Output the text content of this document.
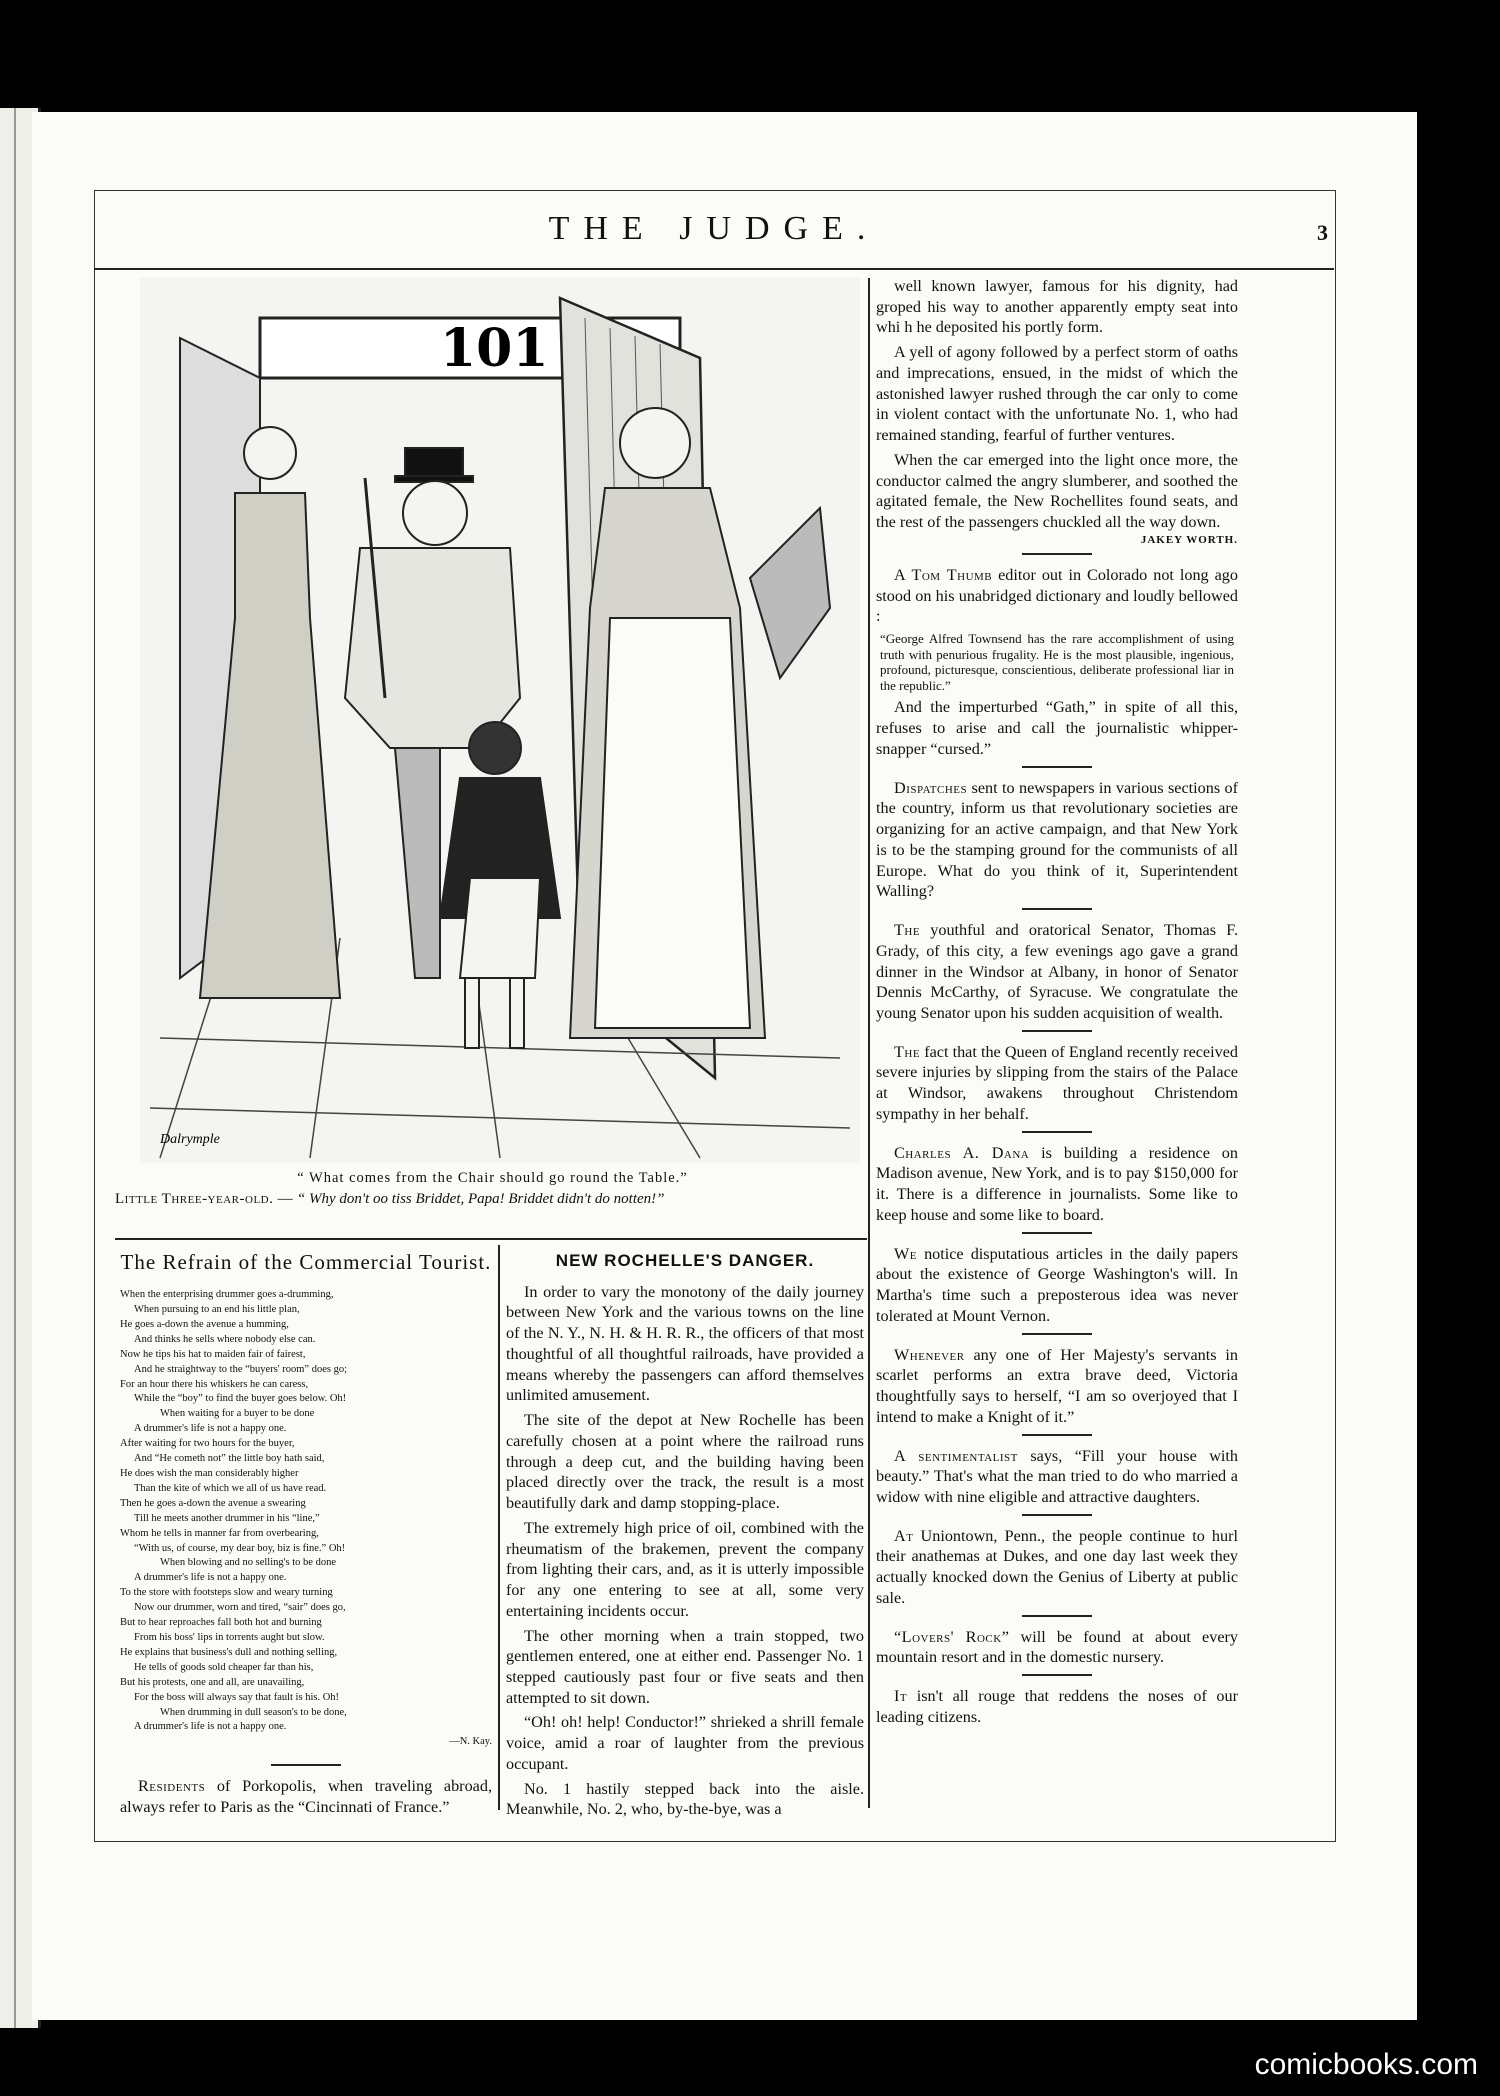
THE JUDGE.	3
101
Dalrymple
“ What comes from the Chair should go round the Table.”
Little Three-year-old. — “ Why don't oo tiss Briddet, Papa! Briddet didn't do notten!”
The Refrain of the Commercial Tourist.
When the enterprising drummer goes a-drumming,
When pursuing to an end his little plan,
He goes a-down the avenue a humming,
And thinks he sells where nobody else can.
Now he tips his hat to maiden fair of fairest,
And he straightway to the “buyers' room” does go;
For an hour there his whiskers he can caress,
While the “boy” to find the buyer goes below. Oh!
When waiting for a buyer to be done
A drummer's life is not a happy one.
After waiting for two hours for the buyer,
And “He cometh not” the little boy hath said,
He does wish the man considerably higher
Than the kite of which we all of us have read.
Then he goes a-down the avenue a swearing
Till he meets another drummer in his “line,”
Whom he tells in manner far from overbearing,
“With us, of course, my dear boy, biz is fine.” Oh!
When blowing and no selling's to be done
A drummer's life is not a happy one.
To the store with footsteps slow and weary turning
Now our drummer, worn and tired, “sair” does go,
But to hear reproaches fall both hot and burning
From his boss' lips in torrents aught but slow.
He explains that business's dull and nothing selling,
He tells of goods sold cheaper far than his,
But his protests, one and all, are unavailing,
For the boss will always say that fault is his. Oh!
When drumming in dull season's to be done,
A drummer's life is not a happy one.
—N. Kay.

Residents of Porkopolis, when traveling abroad, always refer to Paris as the “Cincinnati of France.”

NEW ROCHELLE'S DANGER.

In order to vary the monotony of the daily journey between New York and the various towns on the line of the N. Y., N. H. & H. R. R., the officers of that most thoughtful of all thoughtful railroads, have provided a means whereby the passengers can afford themselves unlimited amusement.

The site of the depot at New Rochelle has been carefully chosen at a point where the railroad runs through a deep cut, and the building having been placed directly over the track, the result is a most beautifully dark and damp stopping-place.

The extremely high price of oil, combined with the rheumatism of the brakemen, prevent the company from lighting their cars, and, as it is utterly impossible for any one entering to see at all, some very entertaining incidents occur.

The other morning when a train stopped, two gentlemen entered, one at either end. Passenger No. 1 stepped cautiously past four or five seats and then attempted to sit down.

“Oh! oh! help! Conductor!” shrieked a shrill female voice, amid a roar of laughter from the previous occupant.

No. 1 hastily stepped back into the aisle. Meanwhile, No. 2, who, by-the-bye, was a

well known lawyer, famous for his dignity, had groped his way to another apparently empty seat into whi h he deposited his portly form.

A yell of agony followed by a perfect storm of oaths and imprecations, ensued, in the midst of which the astonished lawyer rushed through the car only to come in violent contact with the unfortunate No. 1, who had remained standing, fearful of further ventures.

When the car emerged into the light once more, the conductor calmed the angry slumberer, and soothed the agitated female, the New Rochellites found seats, and the rest of the passengers chuckled all the way down.

JAKEY WORTH.

A Tom Thumb editor out in Colorado not long ago stood on his unabridged dictionary and loudly bellowed :

“George Alfred Townsend has the rare accomplishment of using truth with penurious frugality. He is the most plausible, ingenious, profound, picturesque, conscientious, deliberate professional liar in the republic.”

And the imperturbed “Gath,” in spite of all this, refuses to arise and call the journalistic whipper-snapper “cursed.”

Dispatches sent to newspapers in various sections of the country, inform us that revolutionary societies are organizing for an active campaign, and that New York is to be the stamping ground for the communists of all Europe. What do you think of it, Superintendent Walling?

The youthful and oratorical Senator, Thomas F. Grady, of this city, a few evenings ago gave a grand dinner in the Windsor at Albany, in honor of Senator Dennis McCarthy, of Syracuse. We congratulate the young Senator upon his sudden acquisition of wealth.

The fact that the Queen of England recently received severe injuries by slipping from the stairs of the Palace at Windsor, awakens throughout Christendom sympathy in her behalf.

Charles A. Dana is building a residence on Madison avenue, New York, and is to pay $150,000 for it. There is a difference in journalists. Some like to keep house and some like to board.

We notice disputatious articles in the daily papers about the existence of George Washington's will. In Martha's time such a preposterous idea was never tolerated at Mount Vernon.

Whenever any one of Her Majesty's servants in scarlet performs an extra brave deed, Victoria thoughtfully says to herself, “I am so overjoyed that I intend to make a Knight of it.”

A sentimentalist says, “Fill your house with beauty.” That's what the man tried to do who married a widow with nine eligible and attractive daughters.

At Uniontown, Penn., the people continue to hurl their anathemas at Dukes, and one day last week they actually knocked down the Genius of Liberty at public sale.

“Lovers' Rock” will be found at about every mountain resort and in the domestic nursery.

It isn't all rouge that reddens the noses of our leading citizens.

comicbooks.com
